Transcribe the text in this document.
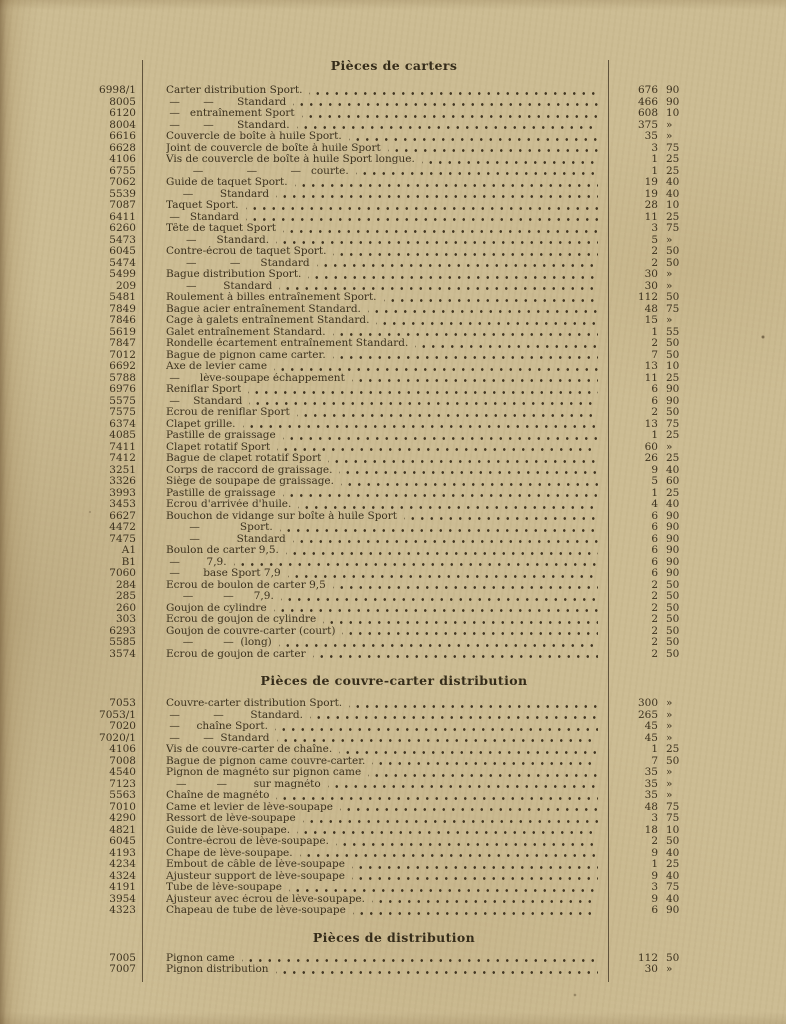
Pièces de carters
6998/1	Carter distribution Sport.	676 90
8005	—       —       Standard	466 90
6120	—   entraînement Sport	608 10
8004	—       —       Standard.	375 »
6616	Couvercle de boîte à huile Sport.	35 »
6628	Joint de couvercle de boîte à huile Sport	3 75
4106	Vis de couvercle de boîte à huile Sport longue.	1 25
6755	—             —          —   courte.	1 25
7062	Guide de taquet Sport.	19 40
5539	—        Standard	19 40
7087	Taquet Sport.	28 10
6411	—   Standard	11 25
6260	Tête de taquet Sport	3 75
5473	—      Standard.	5 »
6045	Contre-écrou de taquet Sport.	2 50
5474	—          —      Standard	2 50
5499	Bague distribution Sport.	30 »
209	—        Standard	30 »
5481	Roulement à billes entraînement Sport.	112 50
7849	Bague acier entraînement Standard.	48 75
7846	Cage à galets entraînement Standard.	15 »
5619	Galet entraînement Standard.	1 55
7847	Rondelle écartement entraînement Standard.	2 50
7012	Bague de pignon came carter.	7 50
6692	Axe de levier came	13 10
5788	—      lève-soupape échappement	11 25
6976	Reniflar Sport	6 90
5575	—    Standard	6 90
7575	Ecrou de reniflar Sport	2 50
6374	Clapet grille.	13 75
4085	Pastille de graissage	1 25
7411	Clapet rotatif Sport	60 »
7412	Bague de clapet rotatif Sport	26 25
3251	Corps de raccord de graissage.	9 40
3326	Siège de soupape de graissage.	5 60
3993	Pastille de graissage	1 25
3453	Ecrou d'arrivée d'huile.	4 40
6627	Bouchon de vidange sur boîte à huile Sport	6 90
4472	—            Sport.	6 90
7475	—           Standard	6 90
A1	Boulon de carter 9,5.	6 90
B1	—        7,9.	6 90
7060	—       base Sport 7,9	6 90
284	Ecrou de boulon de carter 9,5	2 50
285	—         —      7,9.	2 50
260	Goujon de cylindre	2 50
303	Ecrou de goujon de cylindre	2 50
6293	Goujon de couvre-carter (court)	2 50
5585	—         —  (long)	2 50
3574	Ecrou de goujon de carter	2 50
Pièces de couvre-carter distribution
7053	Couvre-carter distribution Sport.	300 »
7053/1	—          —        Standard.	265 »
7020	—     chaîne Sport.	45 »
7020/1	—       —  Standard	45 »
4106	Vis de couvre-carter de chaîne.	1 25
7008	Bague de pignon came couvre-carter.	7 50
4540	Pignon de magnéto sur pignon came	35 »
7123	—         —        sur magnéto	35 »
5563	Chaîne de magnéto	35 »
7010	Came et levier de lève-soupape	48 75
4290	Ressort de lève-soupape	3 75
4821	Guide de lève-soupape.	18 10
6045	Contre-écrou de lève-soupape.	2 50
4193	Chape de lève-soupape.	9 40
4234	Embout de câble de lève-soupape	1 25
4324	Ajusteur support de lève-soupape	9 40
4191	Tube de lève-soupape	3 75
3954	Ajusteur avec écrou de lève-soupape.	9 40
4323	Chapeau de tube de lève-soupape	6 90
Pièces de distribution
7005	Pignon came	112 50
7007	Pignon distribution	30 »
